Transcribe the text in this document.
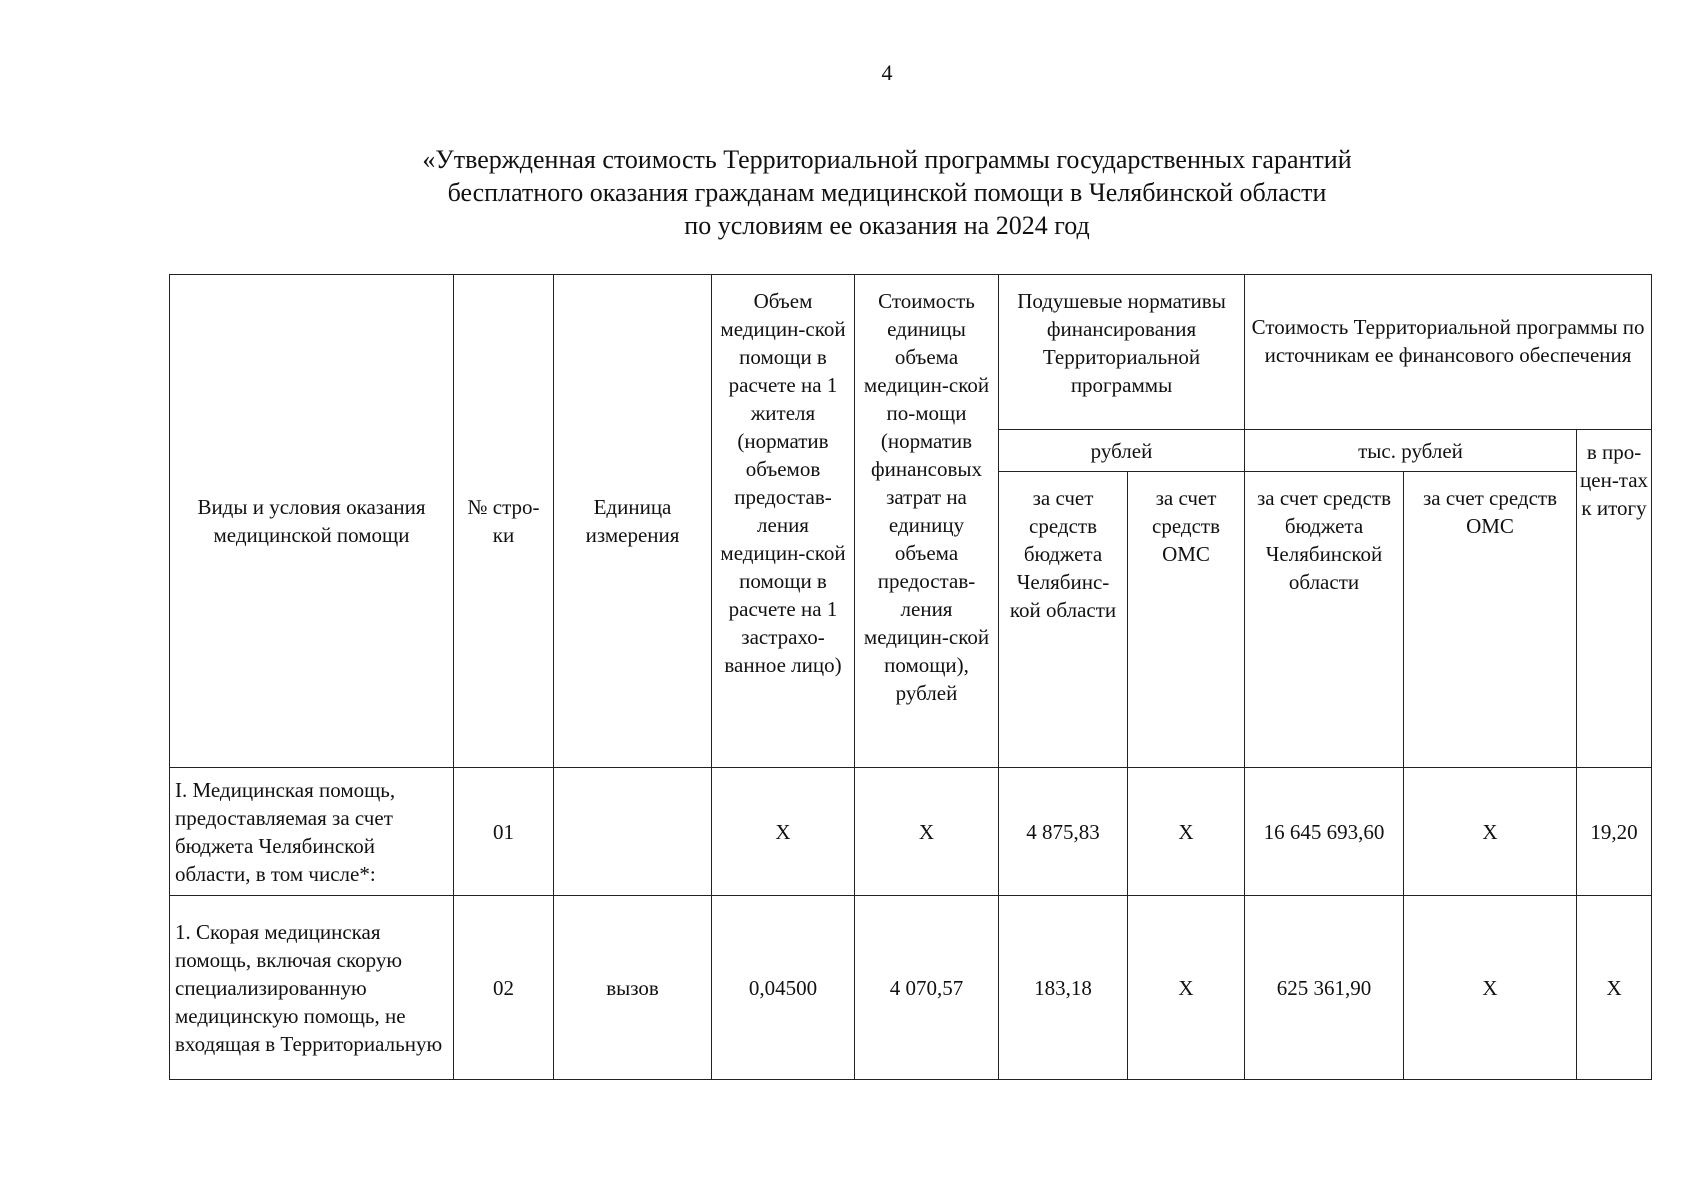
4
«Утвержденная стоимость Территориальной программы государственных гарантий
бесплатного оказания гражданам медицинской помощи в Челябинской области
по условиям ее оказания на 2024 год
Виды и условия оказания медицинской помощи	№ стро-ки	Единица измерения	Объем медицин-ской помощи в расчете на 1 жителя (норматив объемов предостав-ления медицин-ской помощи в расчете на 1 застрахо-ванное лицо)	Стоимость единицы объема медицин-ской по-мощи (норматив финансовых затрат на единицу объема предостав-ления медицин-ской помощи), рублей	Подушевые нормативы финансирования Территориальной программы		Стоимость Территориальной программы по источникам ее финансового обеспечения		
					рублей		тыс. рублей		в про-цен-тах к итогу
					за счет средств бюджета Челябинс-кой области	за счет средств ОМС	за счет средств бюджета Челябинской области	за счет средств ОМС	
I. Медицинская помощь, предоставляемая за счет бюджета Челябинской области, в том числе*:	01		X	X	4 875,83	X	16 645 693,60	X	19,20
1. Скорая медицинская помощь, включая скорую специализированную медицинскую помощь, не входящая в Территориальную	02	вызов	0,04500	4 070,57	183,18	X	625 361,90	X	X
